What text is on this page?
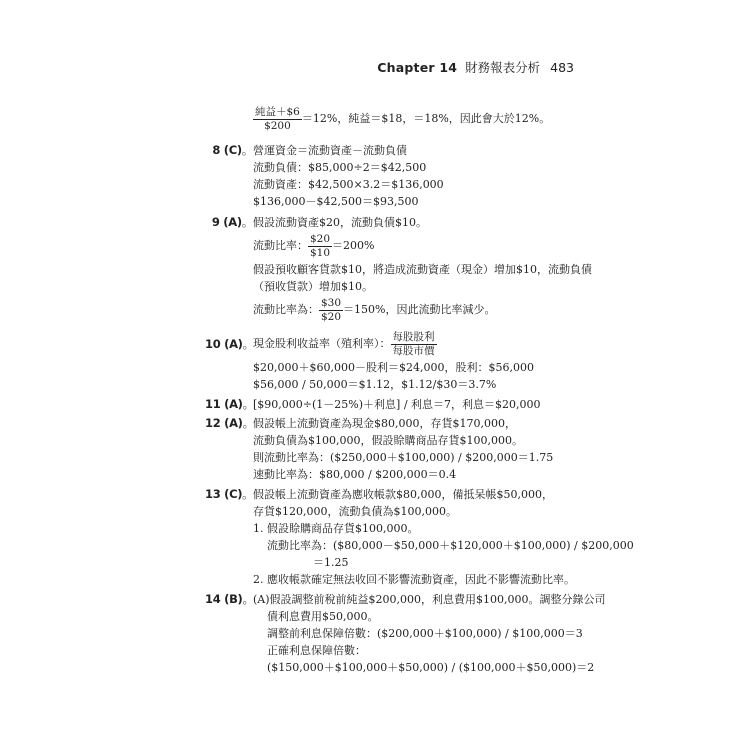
Chapter 14 財務報表分析 483
$\frac{\text{純益＋\$6}}{\$200} =12\%$，純益＝$18，＝18%，因此會大於12%。
8 (C)。營運資金＝流動資產－流動負債
流動負債：$85,000÷2＝$42,500
流動資產：$42,500×3.2＝$136,000
$136,000－$42,500＝$93,500
9 (A)。假設流動資產$20，流動負債$10。
流動比率： $\frac{\$20}{\$10} =200\%$
假設預收顧客貨款$10，將造成流動資產（現金）增加$10，流動負債
（預收貨款）增加$10。
流動比率為： $\frac{\$30}{\$20} =150\%$，因此流動比率減少。
10 (A)。現金股利收益率（殖利率）： $\frac{\text{每股股利}}{\text{每股市價}}$
$20,000＋$60,000－股利＝$24,000，股利：$56,000
$56,000 / 50,000＝$1.12，$1.12/$30＝3.7%
11 (A)。[$90,000÷(1－25%)＋利息] / 利息＝7，利息＝$20,000
12 (A)。假設帳上流動資產為現金$80,000，存貨$170,000，
流動負債為$100,000，假設賒購商品存貨$100,000。
則流動比率為：($250,000＋$100,000) / $200,000＝1.75
速動比率為：$80,000 / $200,000＝0.4
13 (C)。假設帳上流動資產為應收帳款$80,000，備抵呆帳$50,000，
存貨$120,000，流動負債為$100,000。
1. 假設賒購商品存貨$100,000。
流動比率為：($80,000－$50,000＋$120,000＋$100,000) / $200,000
＝1.25
2. 應收帳款確定無法收回不影響流動資產，因此不影響流動比率。
14 (B)。(A)假設調整前稅前純益$200,000，利息費用$100,000。調整分錄公司
債利息費用$50,000。
調整前利息保障倍數：($200,000＋$100,000) / $100,000＝3
正確利息保障倍數：
($150,000＋$100,000＋$50,000) / ($100,000＋$50,000)＝2
